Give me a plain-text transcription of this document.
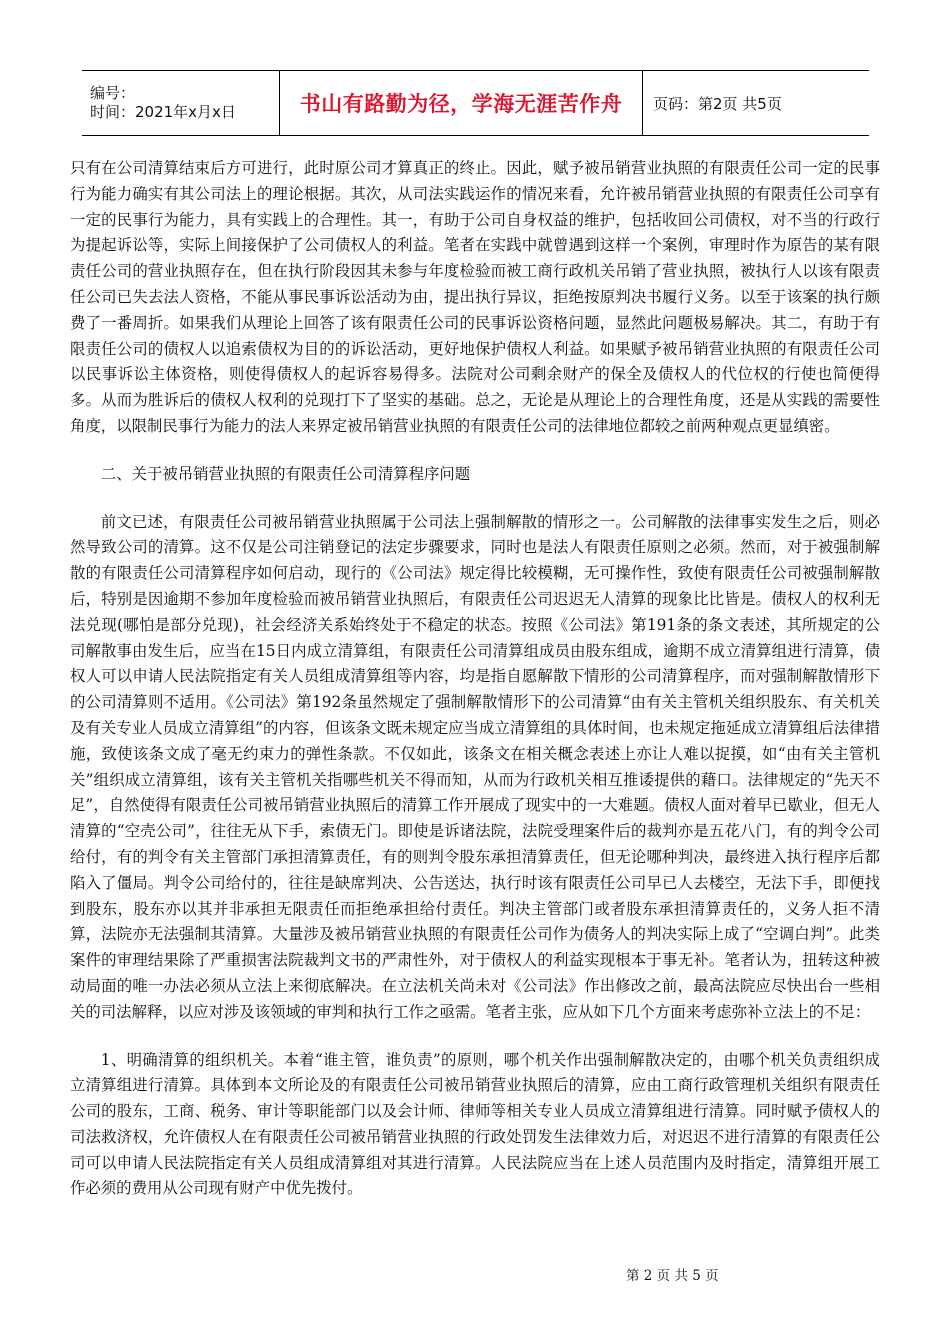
编号：
时间：2021年x月x日	书山有路勤为径，学海无涯苦作舟 页码：第2页 共5页

只有在公司清算结束后方可进行，此时原公司才算真正的终止。因此，赋予被吊销营业执照的有限责任公司一定的民事行为能力确实有其公司法上的理论根据。其次，从司法实践运作的情况来看，允许被吊销营业执照的有限责任公司享有一定的民事行为能力，具有实践上的合理性。其一，有助于公司自身权益的维护，包括收回公司债权，对不当的行政行为提起诉讼等，实际上间接保护了公司债权人的利益。笔者在实践中就曾遇到这样一个案例，审理时作为原告的某有限责任公司的营业执照存在，但在执行阶段因其未参与年度检验而被工商行政机关吊销了营业执照，被执行人以该有限责任公司已失去法人资格，不能从事民事诉讼活动为由，提出执行异议，拒绝按原判决书履行义务。以至于该案的执行颇费了一番周折。如果我们从理论上回答了该有限责任公司的民事诉讼资格问题，显然此问题极易解决。其二，有助于有限责任公司的债权人以追索债权为目的的诉讼活动，更好地保护债权人利益。如果赋予被吊销营业执照的有限责任公司以民事诉讼主体资格，则使得债权人的起诉容易得多。法院对公司剩余财产的保全及债权人的代位权的行使也简便得多。从而为胜诉后的债权人权利的兑现打下了坚实的基础。总之，无论是从理论上的合理性角度，还是从实践的需要性角度，以限制民事行为能力的法人来界定被吊销营业执照的有限责任公司的法律地位都较之前两种观点更显缜密。

二、关于被吊销营业执照的有限责任公司清算程序问题

前文已述，有限责任公司被吊销营业执照属于公司法上强制解散的情形之一。公司解散的法律事实发生之后，则必然导致公司的清算。这不仅是公司注销登记的法定步骤要求，同时也是法人有限责任原则之必须。然而，对于被强制解散的有限责任公司清算程序如何启动，现行的《公司法》规定得比较模糊，无可操作性，致使有限责任公司被强制解散后，特别是因逾期不参加年度检验而被吊销营业执照后，有限责任公司迟迟无人清算的现象比比皆是。债权人的权利无法兑现(哪怕是部分兑现)，社会经济关系始终处于不稳定的状态。按照《公司法》第191条的条文表述，其所规定的公司解散事由发生后，应当在15日内成立清算组，有限责任公司清算组成员由股东组成，逾期不成立清算组进行清算，债权人可以申请人民法院指定有关人员组成清算组等内容，均是指自愿解散下情形的公司清算程序，而对强制解散情形下的公司清算则不适用。《公司法》第192条虽然规定了强制解散情形下的公司清算“由有关主管机关组织股东、有关机关及有关专业人员成立清算组”的内容，但该条文既未规定应当成立清算组的具体时间，也未规定拖延成立清算组后法律措施，致使该条文成了毫无约束力的弹性条款。不仅如此，该条文在相关概念表述上亦让人难以捉摸，如“由有关主管机关”组织成立清算组，该有关主管机关指哪些机关不得而知，从而为行政机关相互推诿提供的藉口。法律规定的“先天不足”，自然使得有限责任公司被吊销营业执照后的清算工作开展成了现实中的一大难题。债权人面对着早已歇业，但无人清算的“空壳公司”，往往无从下手，索债无门。即使是诉诸法院，法院受理案件后的裁判亦是五花八门，有的判令公司给付，有的判令有关主管部门承担清算责任，有的则判令股东承担清算责任，但无论哪种判决，最终进入执行程序后都陷入了僵局。判令公司给付的，往往是缺席判决、公告送达，执行时该有限责任公司早已人去楼空，无法下手，即便找到股东，股东亦以其并非承担无限责任而拒绝承担给付责任。判决主管部门或者股东承担清算责任的，义务人拒不清算，法院亦无法强制其清算。大量涉及被吊销营业执照的有限责任公司作为债务人的判决实际上成了“空调白判”。此类案件的审理结果除了严重损害法院裁判文书的严肃性外，对于债权人的利益实现根本于事无补。笔者认为，扭转这种被动局面的唯一办法必须从立法上来彻底解决。在立法机关尚未对《公司法》作出修改之前，最高法院应尽快出台一些相关的司法解释，以应对涉及该领域的审判和执行工作之亟需。笔者主张，应从如下几个方面来考虑弥补立法上的不足：

1、明确清算的组织机关。本着“谁主管，谁负责”的原则，哪个机关作出强制解散决定的，由哪个机关负责组织成立清算组进行清算。具体到本文所论及的有限责任公司被吊销营业执照后的清算，应由工商行政管理机关组织有限责任公司的股东，工商、税务、审计等职能部门以及会计师、律师等相关专业人员成立清算组进行清算。同时赋予债权人的司法救济权，允许债权人在有限责任公司被吊销营业执照的行政处罚发生法律效力后，对迟迟不进行清算的有限责任公司可以申请人民法院指定有关人员组成清算组对其进行清算。人民法院应当在上述人员范围内及时指定，清算组开展工作必须的费用从公司现有财产中优先拨付。

第 2 页 共 5 页
